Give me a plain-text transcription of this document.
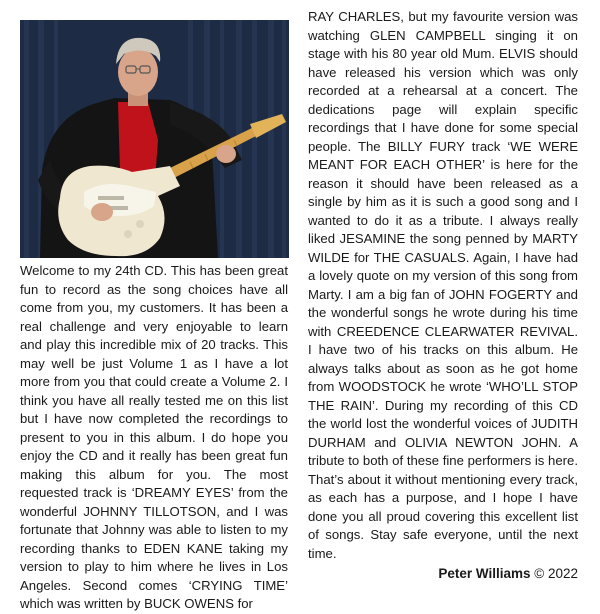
Welcome to my 24th CD. This has been great fun to record as the song choices have all come from you, my customers. It has been a real challenge and very enjoyable to learn and play this incredible mix of 20 tracks. This may well be just Volume 1 as I have a lot more from you that could create a Volume 2. I think you have all really tested me on this list but I have now completed the recordings to present to you in this album. I do hope you enjoy the CD and it really has been great fun making this album for you. The most requested track is ‘DREAMY EYES’ from the wonderful JOHNNY TILLOTSON, and I was fortunate that Johnny was able to listen to my recording thanks to EDEN KANE taking my version to play to him where he lives in Los Angeles. Second comes ‘CRYING TIME’ which was written by BUCK OWENS for
RAY CHARLES, but my favourite version was watching GLEN CAMPBELL singing it on stage with his 80 year old Mum. ELVIS should have released his version which was only recorded at a rehearsal at a concert. The dedications page will explain specific recordings that I have done for some special people. The BILLY FURY track ‘WE WERE MEANT FOR EACH OTHER’ is here for the reason it should have been released as a single by him as it is such a good song and I wanted to do it as a tribute. I always really liked JESAMINE the song penned by MARTY WILDE for THE CASUALS. Again, I have had a lovely quote on my version of this song from Marty. I am a big fan of JOHN FOGERTY and the wonderful songs he wrote during his time with CREEDENCE CLEARWATER REVIVAL. I have two of his tracks on this album. He always talks about as soon as he got home from WOODSTOCK he wrote ‘WHO’LL STOP THE RAIN’. During my recording of this CD the world lost the wonderful voices of JUDITH DURHAM and OLIVIA NEWTON JOHN. A tribute to both of these fine performers is here. That’s about it without mentioning every track, as each has a purpose, and I hope I have done you all proud covering this excellent list of songs. Stay safe everyone, until the next time.
Peter Williams © 2022
